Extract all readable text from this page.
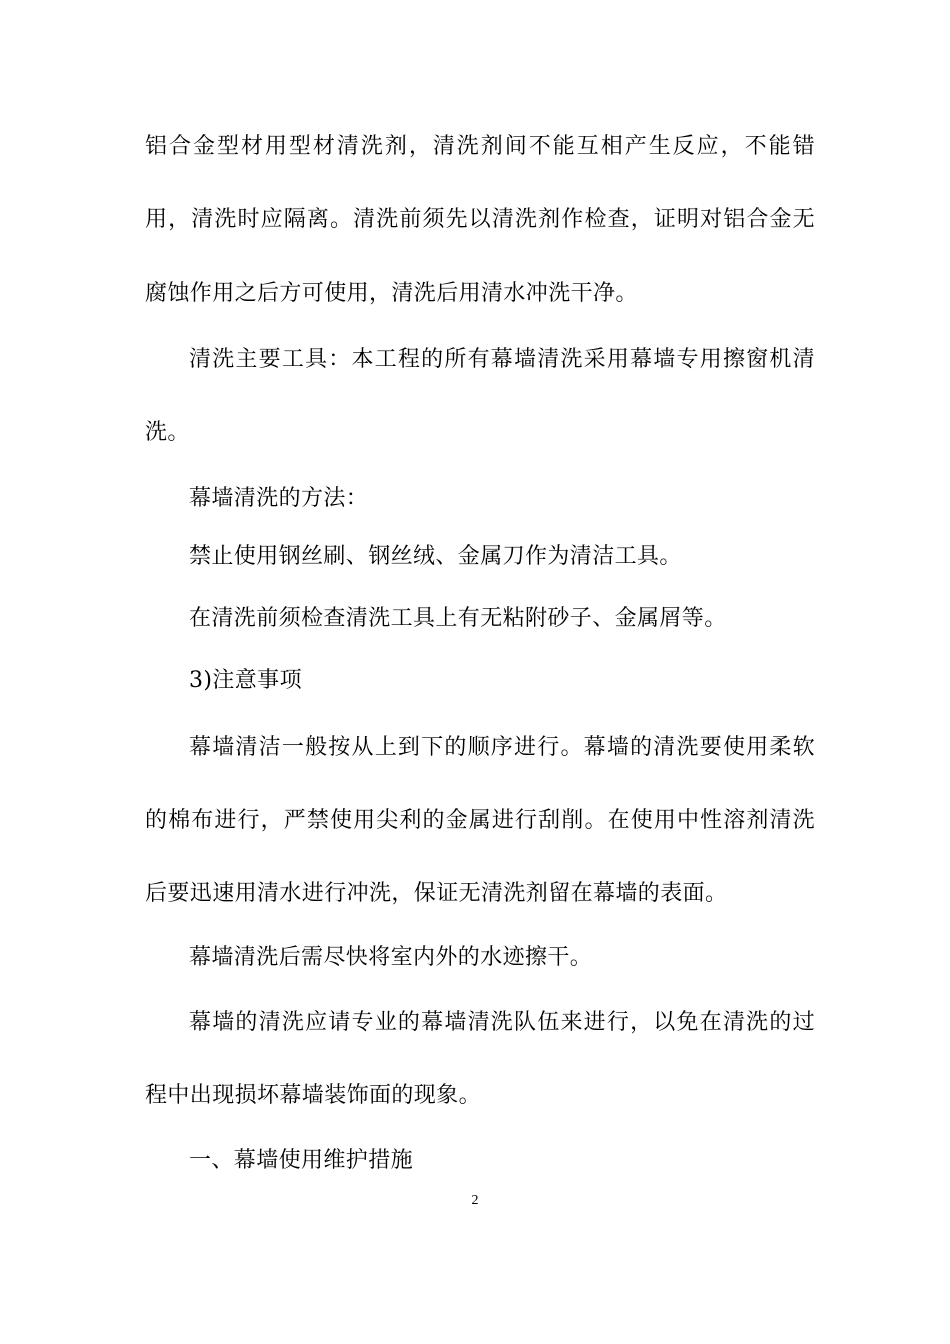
铝合金型材用型材清洗剂，清洗剂间不能互相产生反应，不能错
用，清洗时应隔离。清洗前须先以清洗剂作检查，证明对铝合金无
腐蚀作用之后方可使用，清洗后用清水冲洗干净。
清洗主要工具：本工程的所有幕墙清洗采用幕墙专用擦窗机清
洗。
幕墙清洗的方法：
禁止使用钢丝刷、钢丝绒、金属刀作为清洁工具。
在清洗前须检查清洗工具上有无粘附砂子、金属屑等。
3)注意事项
幕墙清洁一般按从上到下的顺序进行。幕墙的清洗要使用柔软
的棉布进行，严禁使用尖利的金属进行刮削。在使用中性溶剂清洗
后要迅速用清水进行冲洗，保证无清洗剂留在幕墙的表面。
幕墙清洗后需尽快将室内外的水迹擦干。
幕墙的清洗应请专业的幕墙清洗队伍来进行，以免在清洗的过
程中出现损坏幕墙装饰面的现象。
一、幕墙使用维护措施
2
